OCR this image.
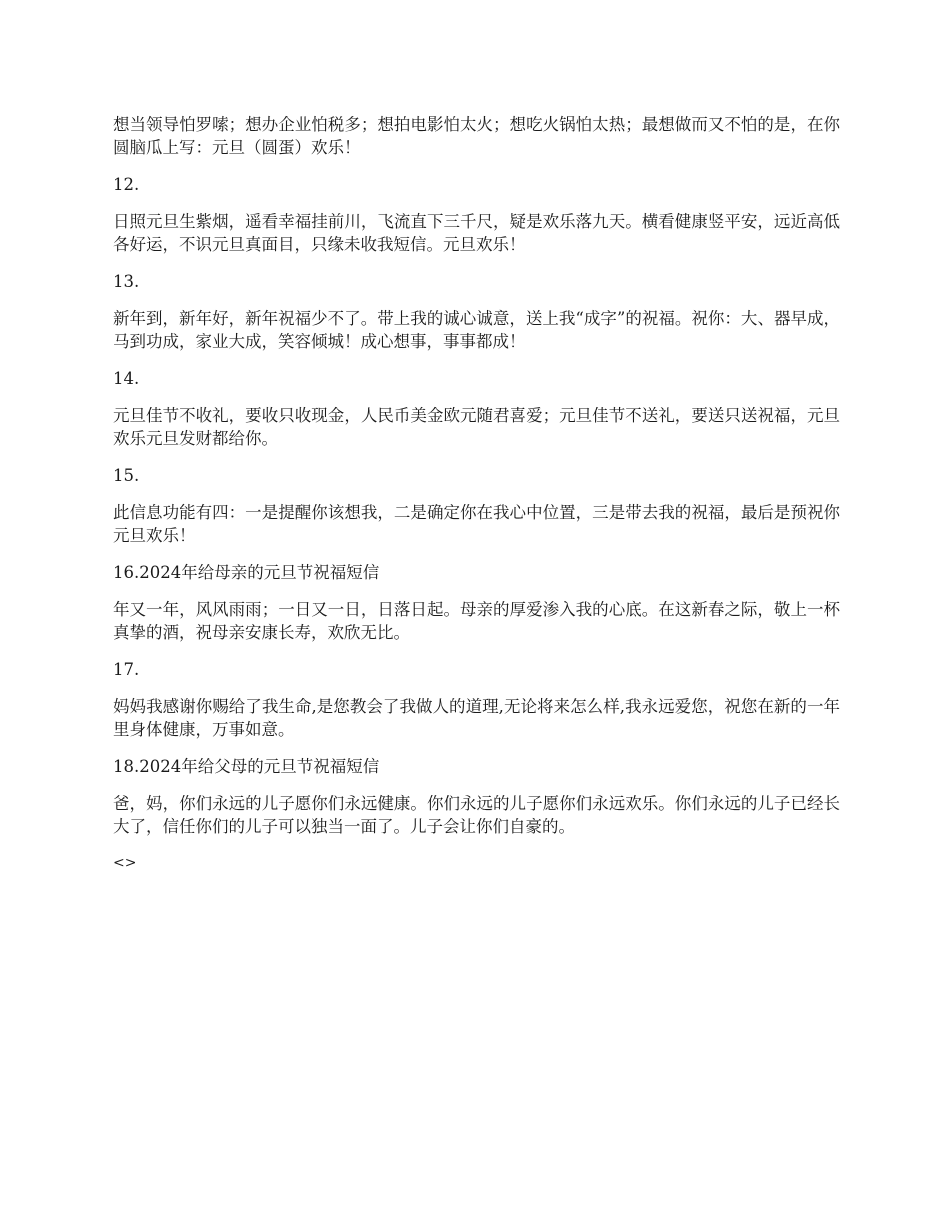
想当领导怕罗嗦；想办企业怕税多；想拍电影怕太火；想吃火锅怕太热；最想做而又不怕的是，在你圆脑瓜上写：元旦（圆蛋）欢乐！

12.

日照元旦生紫烟，遥看幸福挂前川，飞流直下三千尺，疑是欢乐落九天。横看健康竖平安，远近高低各好运，不识元旦真面目，只缘未收我短信。元旦欢乐！

13.

新年到，新年好，新年祝福少不了。带上我的诚心诚意，送上我“成字”的祝福。祝你：大、器早成，马到功成，家业大成，笑容倾城！成心想事，事事都成！

14.

元旦佳节不收礼，要收只收现金，人民币美金欧元随君喜爱；元旦佳节不送礼，要送只送祝福，元旦欢乐元旦发财都给你。

15.

此信息功能有四：一是提醒你该想我，二是确定你在我心中位置，三是带去我的祝福，最后是预祝你元旦欢乐！

16.2024年给母亲的元旦节祝福短信

年又一年，风风雨雨；一日又一日，日落日起。母亲的厚爱渗入我的心底。在这新春之际，敬上一杯真挚的酒，祝母亲安康长寿，欢欣无比。

17.

妈妈我感谢你赐给了我生命,是您教会了我做人的道理,无论将来怎么样,我永远爱您，祝您在新的一年里身体健康，万事如意。

18.2024年给父母的元旦节祝福短信

爸，妈，你们永远的儿子愿你们永远健康。你们永远的儿子愿你们永远欢乐。你们永远的儿子已经长大了，信任你们的儿子可以独当一面了。儿子会让你们自豪的。

<>
